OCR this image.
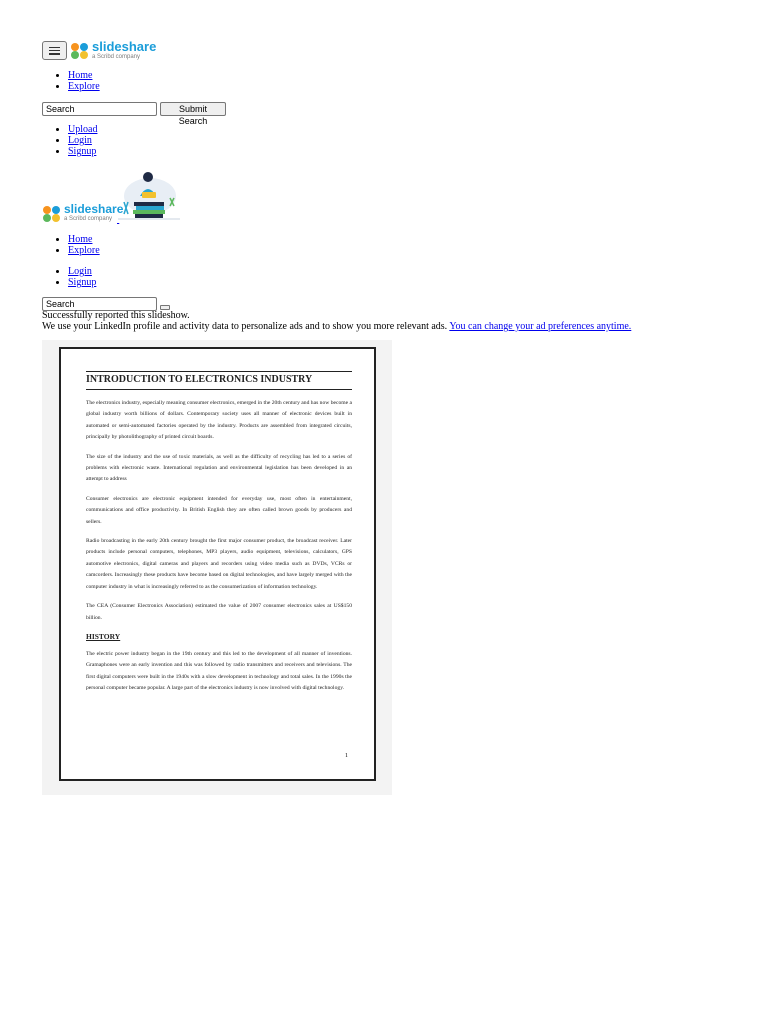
slideshare
a Scribd company
• Home
• Explore
Search
Submit Search
• Upload
• Login
• Signup
slideshare
a Scribd company

• Home
• Explore
• Login
• Signup
Search
Successfully reported this slideshow.
We use your LinkedIn profile and activity data to personalize ads and to show you more relevant ads. You can change your ad preferences anytime.
INTRODUCTION TO ELECTRONICS INDUSTRY

The electronics industry, especially meaning consumer electronics, emerged in the 20th century and has now become a global industry worth billions of dollars. Contemporary society uses all manner of electronic devices built in automated or semi-automated factories operated by the industry. Products are assembled from integrated circuits, principally by photolithography of printed circuit boards.

The size of the industry and the use of toxic materials, as well as the difficulty of recycling has led to a series of problems with electronic waste. International regulation and environmental legislation has been developed in an attempt to address

Consumer electronics are electronic equipment intended for everyday use, most often in entertainment, communications and office productivity. In British English they are often called brown goods by producers and sellers.

Radio broadcasting in the early 20th century brought the first major consumer product, the broadcast receiver. Later products include personal computers, telephones, MP3 players, audio equipment, televisions, calculators, GPS automotive electronics, digital cameras and players and recorders using video media such as DVDs, VCRs or camcorders. Increasingly these products have become based on digital technologies, and have largely merged with the computer industry in what is increasingly referred to as the consumerization of information technology.

The CEA (Consumer Electronics Association) estimated the value of 2007 consumer electronics sales at US$150 billion.

HISTORY

The electric power industry began in the 19th century and this led to the development of all manner of inventions. Gramaphones were an early invention and this was followed by radio transmitters and receivers and televisions. The first digital computers were built in the 1940s with a slow development in technology and total sales. In the 1990s the personal computer became popular. A large part of the electronics industry is now involved with digital technology.

1
